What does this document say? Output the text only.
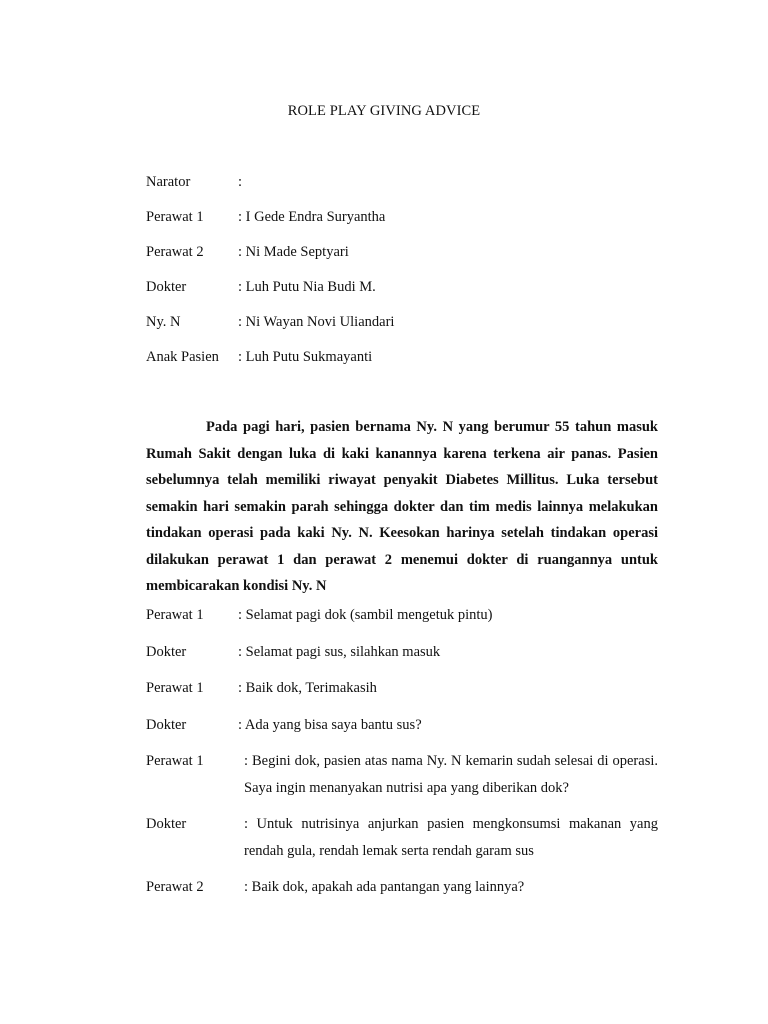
ROLE PLAY GIVING ADVICE
Narator	:
Perawat 1 : I Gede Endra Suryantha
Perawat 2 : Ni Made Septyari
Dokter	: Luh Putu Nia Budi M.
Ny. N	: Ni Wayan Novi Uliandari
Anak Pasien : Luh Putu Sukmayanti

Pada pagi hari, pasien bernama Ny. N yang berumur 55 tahun masuk Rumah Sakit dengan luka di kaki kanannya karena terkena air panas. Pasien sebelumnya telah memiliki riwayat penyakit Diabetes Millitus. Luka tersebut semakin hari semakin parah sehingga dokter dan tim medis lainnya melakukan tindakan operasi pada kaki Ny. N. Keesokan harinya setelah tindakan operasi dilakukan perawat 1 dan perawat 2 menemui dokter di ruangannya untuk membicarakan kondisi Ny. N

Perawat 1 : Selamat pagi dok (sambil mengetuk pintu)
Dokter	: Selamat pagi sus, silahkan masuk
Perawat 1 : Baik dok, Terimakasih
Dokter	: Ada yang bisa saya bantu sus?
Perawat 1	: Begini dok, pasien atas nama Ny. N kemarin sudah selesai di operasi. Saya ingin menanyakan nutrisi apa yang diberikan dok?
Dokter	: Untuk nutrisinya anjurkan pasien mengkonsumsi makanan yang rendah gula, rendah lemak serta rendah garam sus
Perawat 2	: Baik dok, apakah ada pantangan yang lainnya?
